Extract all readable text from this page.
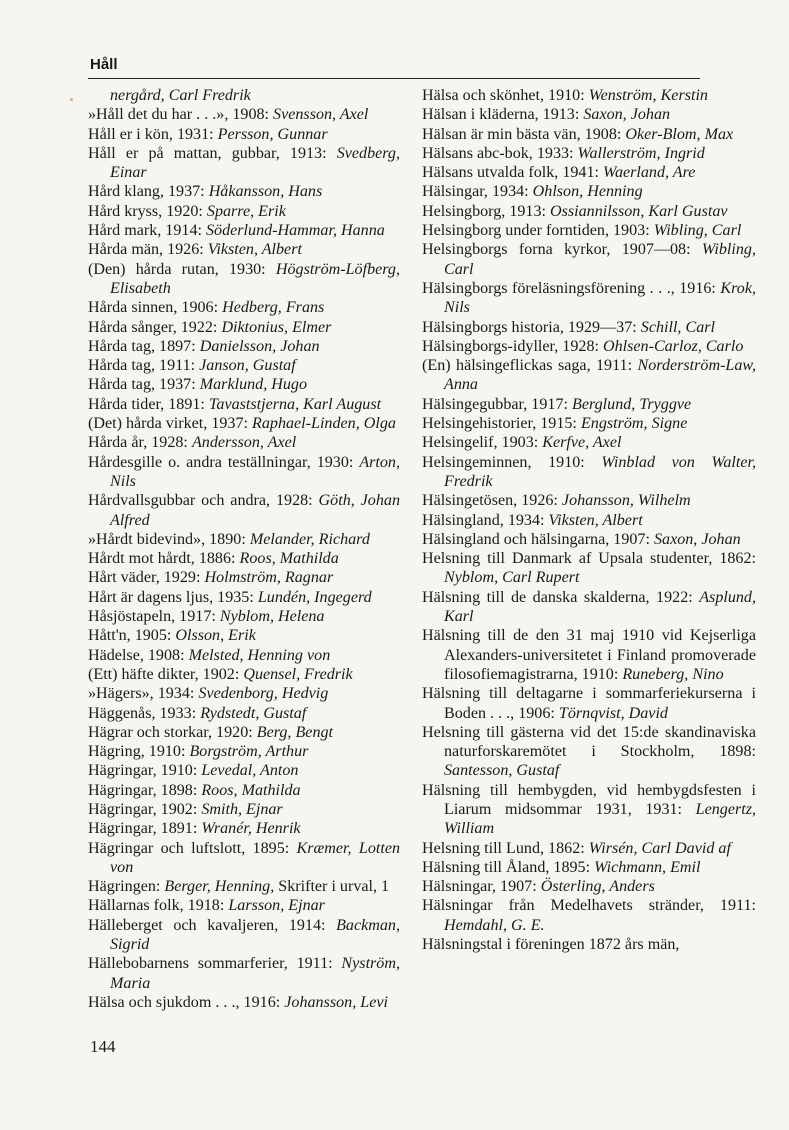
Håll
nergård, Carl Fredrik
»Håll det du har . . .», 1908: Svensson, Axel
Håll er i kön, 1931: Persson, Gunnar
Håll er på mattan, gubbar, 1913: Svedberg, Einar
Hård klang, 1937: Håkansson, Hans
Hård kryss, 1920: Sparre, Erik
Hård mark, 1914: Söderlund-Hammar, Hanna
Hårda män, 1926: Viksten, Albert
(Den) hårda rutan, 1930: Högström-Löfberg, Elisabeth
Hårda sinnen, 1906: Hedberg, Frans
Hårda sånger, 1922: Diktonius, Elmer
Hårda tag, 1897: Danielsson, Johan
Hårda tag, 1911: Janson, Gustaf
Hårda tag, 1937: Marklund, Hugo
Hårda tider, 1891: Tavaststjerna, Karl August
(Det) hårda virket, 1937: Raphael-Linden, Olga
Hårda år, 1928: Andersson, Axel
Hårdesgille o. andra teställningar, 1930: Arton, Nils
Hårdvallsgubbar och andra, 1928: Göth, Johan Alfred
»Hårdt bidevind», 1890: Melander, Richard
Hårdt mot hårdt, 1886: Roos, Mathilda
Hårt väder, 1929: Holmström, Ragnar
Hårt är dagens ljus, 1935: Lundén, Ingegerd
Håsjöstapeln, 1917: Nyblom, Helena
Hått'n, 1905: Olsson, Erik
Hädelse, 1908: Melsted, Henning von
(Ett) häfte dikter, 1902: Quensel, Fredrik
»Hägers», 1934: Svedenborg, Hedvig
Häggenås, 1933: Rydstedt, Gustaf
Hägrar och storkar, 1920: Berg, Bengt
Hägring, 1910: Borgström, Arthur
Hägringar, 1910: Levedal, Anton
Hägringar, 1898: Roos, Mathilda
Hägringar, 1902: Smith, Ejnar
Hägringar, 1891: Wranér, Henrik
Hägringar och luftslott, 1895: Kræmer, Lotten von
Hägringen: Berger, Henning, Skrifter i urval, 1
Hällarnas folk, 1918: Larsson, Ejnar
Hälleberget och kavaljeren, 1914: Backman, Sigrid
Hällebobarnens sommarferier, 1911: Nyström, Maria
Hälsa och sjukdom . . ., 1916: Johansson, Levi
Hälsa och skönhet, 1910: Wenström, Kerstin
Hälsan i kläderna, 1913: Saxon, Johan
Hälsan är min bästa vän, 1908: Oker-Blom, Max
Hälsans abc-bok, 1933: Wallerström, Ingrid
Hälsans utvalda folk, 1941: Waerland, Are
Hälsingar, 1934: Ohlson, Henning
Helsingborg, 1913: Ossiannilsson, Karl Gustav
Helsingborg under forntiden, 1903: Wibling, Carl
Helsingborgs forna kyrkor, 1907—08: Wibling, Carl
Hälsingborgs föreläsningsförening . . ., 1916: Krok, Nils
Hälsingborgs historia, 1929—37: Schill, Carl
Hälsingborgs-idyller, 1928: Ohlsen-Carloz, Carlo
(En) hälsingeflickas saga, 1911: Norderström-Law, Anna
Hälsingegubbar, 1917: Berglund, Tryggve
Helsingehistorier, 1915: Engström, Signe
Helsingelif, 1903: Kerfve, Axel
Helsingeminnen, 1910: Winblad von Walter, Fredrik
Hälsingetösen, 1926: Johansson, Wilhelm
Hälsingland, 1934: Viksten, Albert
Hälsingland och hälsingarna, 1907: Saxon, Johan
Helsning till Danmark af Upsala studenter, 1862: Nyblom, Carl Rupert
Hälsning till de danska skalderna, 1922: Asplund, Karl
Hälsning till de den 31 maj 1910 vid Kejserliga Alexanders-universitetet i Finland promoverade filosofiemagistrarna, 1910: Runeberg, Nino
Hälsning till deltagarne i sommarferiekurserna i Boden . . ., 1906: Törnqvist, David
Helsning till gästerna vid det 15:de skandinaviska naturforskaremötet i Stockholm, 1898: Santesson, Gustaf
Hälsning till hembygden, vid hembygdsfesten i Liarum midsommar 1931, 1931: Lengertz, William
Helsning till Lund, 1862: Wirsén, Carl David af
Hälsning till Åland, 1895: Wichmann, Emil
Hälsningar, 1907: Österling, Anders
Hälsningar från Medelhavets stränder, 1911: Hemdahl, G. E.
Hälsningstal i föreningen 1872 års män,
144
